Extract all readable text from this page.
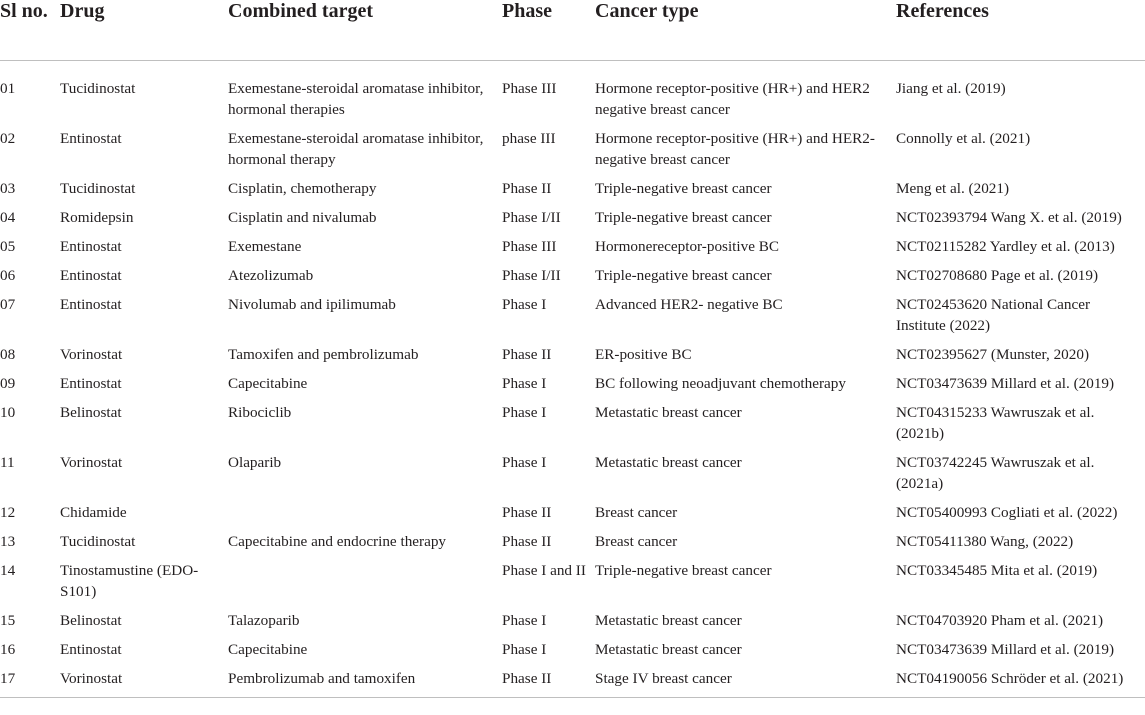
Sl no.	Drug	Combined target	Phase	Cancer type	References
01	Tucidinostat	Exemestane-steroidal aromatase inhibitor, hormonal therapies	Phase III	Hormone receptor-positive (HR+) and HER2 negative breast cancer	Jiang et al. (2019)
02	Entinostat	Exemestane-steroidal aromatase inhibitor, hormonal therapy	phase III	Hormone receptor-positive (HR+) and HER2-negative breast cancer	Connolly et al. (2021)
03	Tucidinostat	Cisplatin, chemotherapy	Phase II	Triple-negative breast cancer	Meng et al. (2021)
04	Romidepsin	Cisplatin and nivalumab	Phase I/II	Triple-negative breast cancer	NCT02393794 Wang X. et al. (2019)
05	Entinostat	Exemestane	Phase III	Hormonereceptor-positive BC	NCT02115282 Yardley et al. (2013)
06	Entinostat	Atezolizumab	Phase I/II	Triple-negative breast cancer	NCT02708680 Page et al. (2019)
07	Entinostat	Nivolumab and ipilimumab	Phase I	Advanced HER2- negative BC	NCT02453620 National Cancer Institute (2022)
08	Vorinostat	Tamoxifen and pembrolizumab	Phase II	ER-positive BC	NCT02395627 (Munster, 2020)
09	Entinostat	Capecitabine	Phase I	BC following neoadjuvant chemotherapy	NCT03473639 Millard et al. (2019)
10	Belinostat	Ribociclib	Phase I	Metastatic breast cancer	NCT04315233 Wawruszak et al. (2021b)
11	Vorinostat	Olaparib	Phase I	Metastatic breast cancer	NCT03742245 Wawruszak et al. (2021a)
12	Chidamide		Phase II	Breast cancer	NCT05400993 Cogliati et al. (2022)
13	Tucidinostat	Capecitabine and endocrine therapy	Phase II	Breast cancer	NCT05411380 Wang, (2022)
14	Tinostamustine (EDO-S101)		Phase I and II	Triple-negative breast cancer	NCT03345485 Mita et al. (2019)
15	Belinostat	Talazoparib	Phase I	Metastatic breast cancer	NCT04703920 Pham et al. (2021)
16	Entinostat	Capecitabine	Phase I	Metastatic breast cancer	NCT03473639 Millard et al. (2019)
17	Vorinostat	Pembrolizumab and tamoxifen	Phase II	Stage IV breast cancer	NCT04190056 Schröder et al. (2021)
